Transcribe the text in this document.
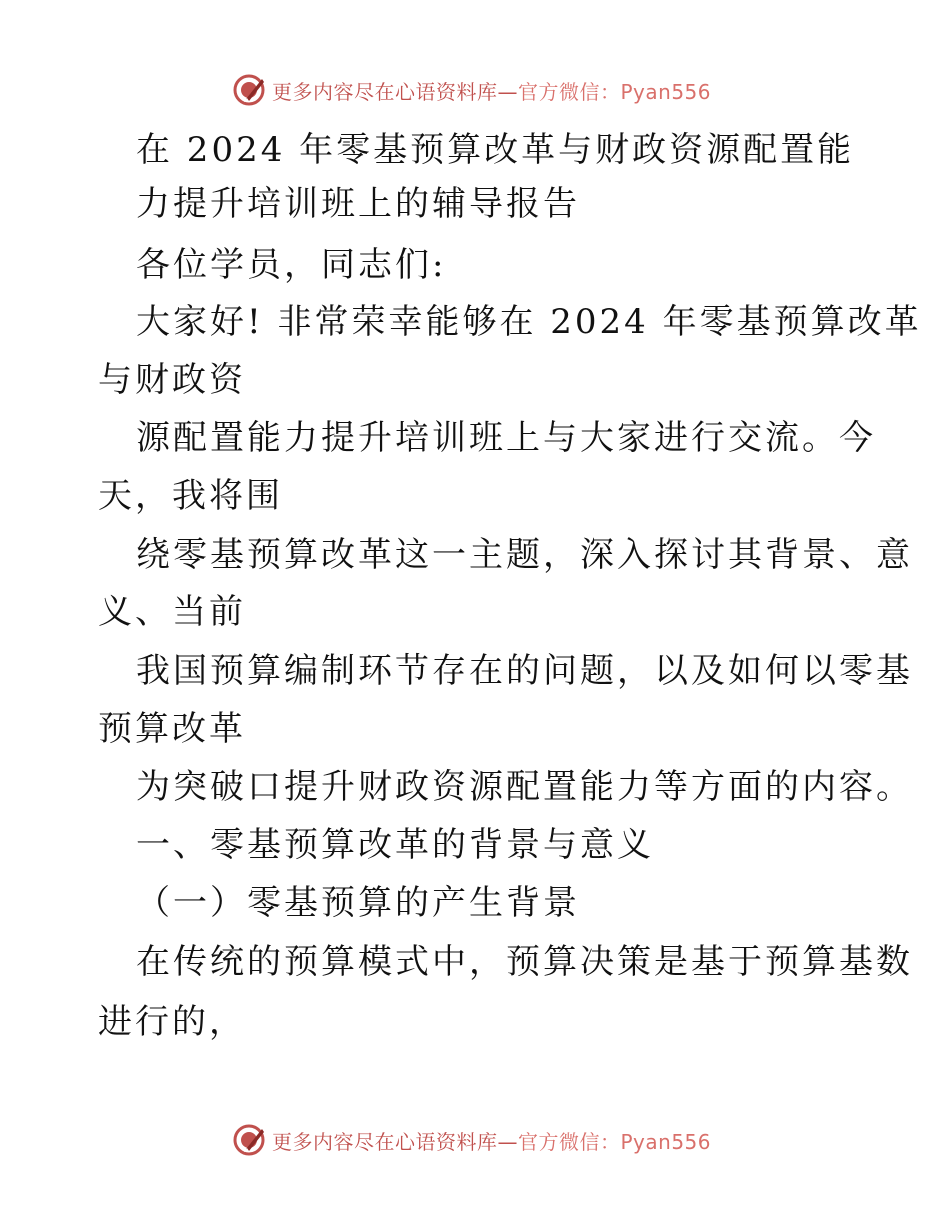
更多内容尽在心语资料库—官方微信：Pyan556
在 2024 年零基预算改革与财政资源配置能
力提升培训班上的辅导报告
各位学员，同志们:
大家好! 非常荣幸能够在 2024 年零基预算改革
与财政资
源配置能力提升培训班上与大家进行交流。今
天，我将围
绕零基预算改革这一主题，深入探讨其背景、意
义、当前
我国预算编制环节存在的问题，以及如何以零基
预算改革
为突破口提升财政资源配置能力等方面的内容。
一、零基预算改革的背景与意义
（一）零基预算的产生背景
在传统的预算模式中，预算决策是基于预算基数
进行的，
更多内容尽在心语资料库—官方微信：Pyan556
